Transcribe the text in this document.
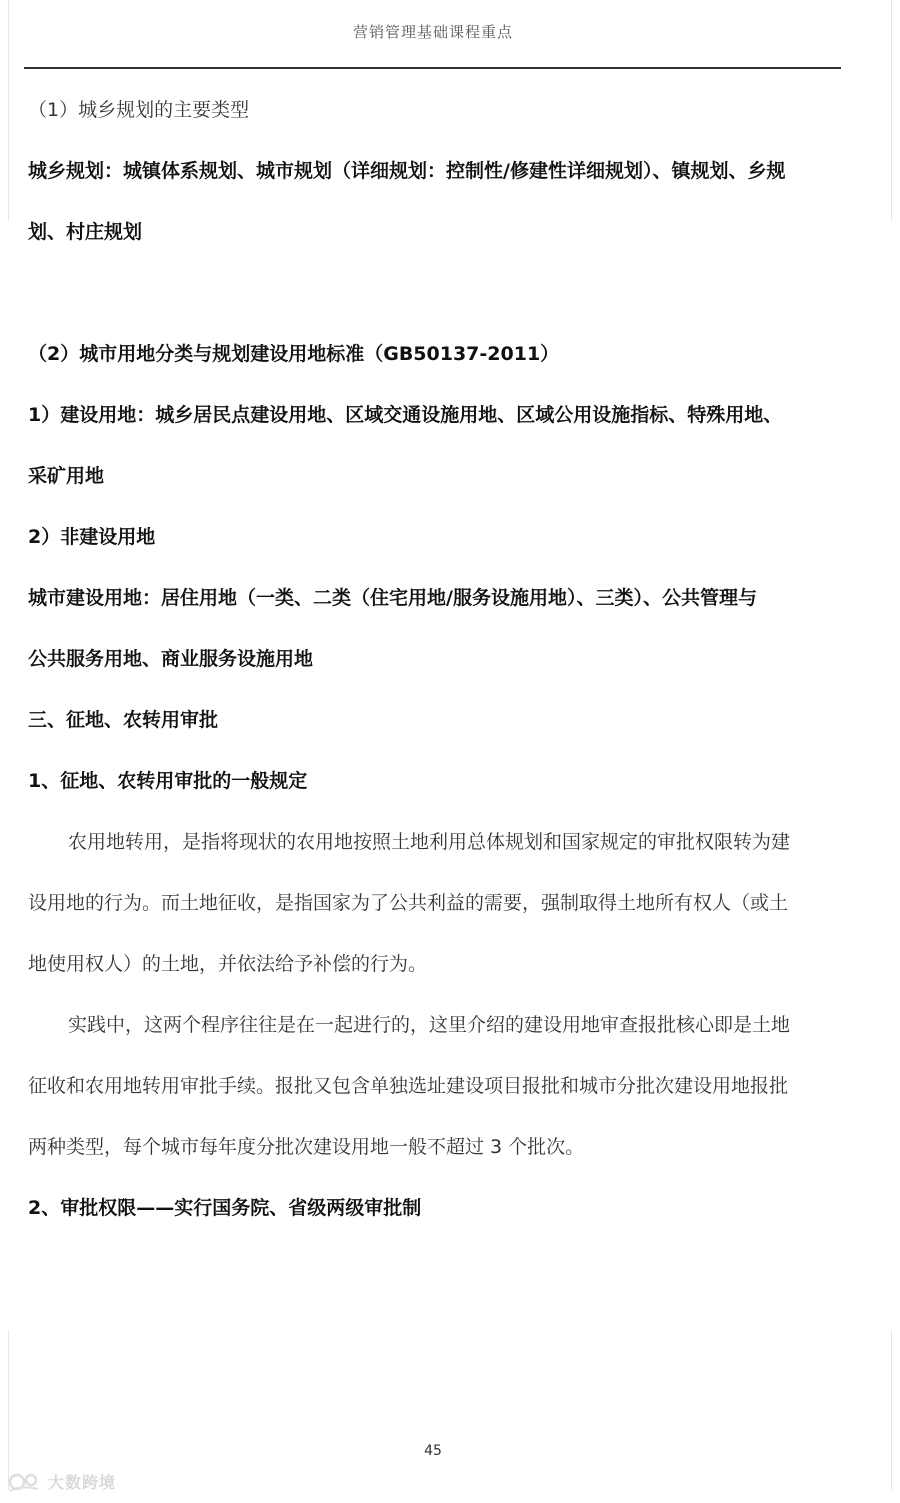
营销管理基础课程重点
（1）城乡规划的主要类型
城乡规划：城镇体系规划、城市规划（详细规划：控制性/修建性详细规划）、镇规划、乡规
划、村庄规划
（2）城市用地分类与规划建设用地标准（GB50137-2011）
1）建设用地：城乡居民点建设用地、区域交通设施用地、区域公用设施指标、特殊用地、
采矿用地
2）非建设用地
城市建设用地：居住用地（一类、二类（住宅用地/服务设施用地）、三类）、公共管理与
公共服务用地、商业服务设施用地
三、征地、农转用审批
1、征地、农转用审批的一般规定
农用地转用，是指将现状的农用地按照土地利用总体规划和国家规定的审批权限转为建
设用地的行为。而土地征收，是指国家为了公共利益的需要，强制取得土地所有权人（或土
地使用权人）的土地，并依法给予补偿的行为。
实践中，这两个程序往往是在一起进行的，这里介绍的建设用地审查报批核心即是土地
征收和农用地转用审批手续。报批又包含单独选址建设项目报批和城市分批次建设用地报批
两种类型，每个城市每年度分批次建设用地一般不超过 3 个批次。
2、审批权限——实行国务院、省级两级审批制
45
大数跨境
